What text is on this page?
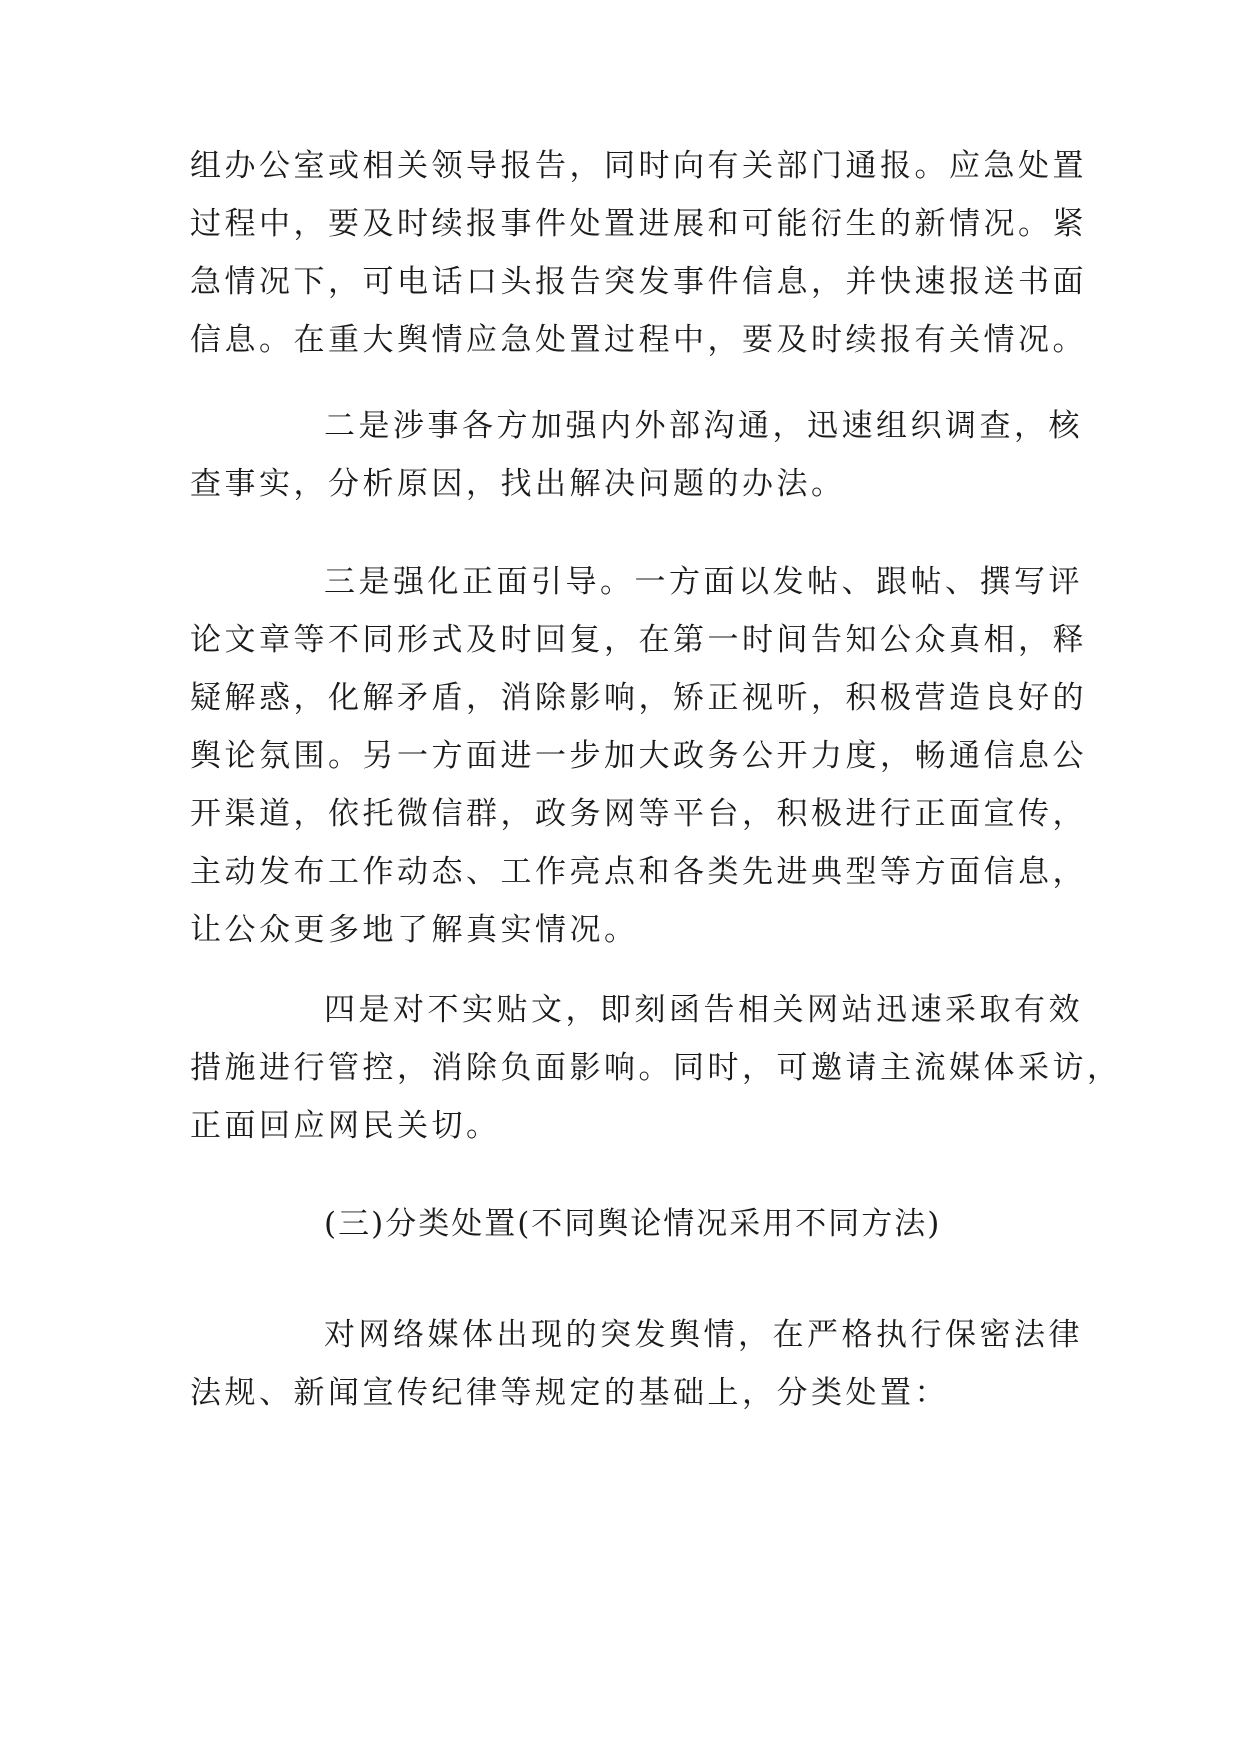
组办公室或相关领导报告，同时向有关部门通报。应急处置
过程中，要及时续报事件处置进展和可能衍生的新情况。紧
急情况下，可电话口头报告突发事件信息，并快速报送书面
信息。在重大舆情应急处置过程中，要及时续报有关情况。
二是涉事各方加强内外部沟通，迅速组织调查，核
查事实，分析原因，找出解决问题的办法。
三是强化正面引导。一方面以发帖、跟帖、撰写评
论文章等不同形式及时回复，在第一时间告知公众真相，释
疑解惑，化解矛盾，消除影响，矫正视听，积极营造良好的
舆论氛围。另一方面进一步加大政务公开力度，畅通信息公
开渠道，依托微信群，政务网等平台，积极进行正面宣传，
主动发布工作动态、工作亮点和各类先进典型等方面信息，
让公众更多地了解真实情况。
四是对不实贴文，即刻函告相关网站迅速采取有效
措施进行管控，消除负面影响。同时，可邀请主流媒体采访，
正面回应网民关切。
(三)分类处置(不同舆论情况采用不同方法)
对网络媒体出现的突发舆情，在严格执行保密法律
法规、新闻宣传纪律等规定的基础上，分类处置：
